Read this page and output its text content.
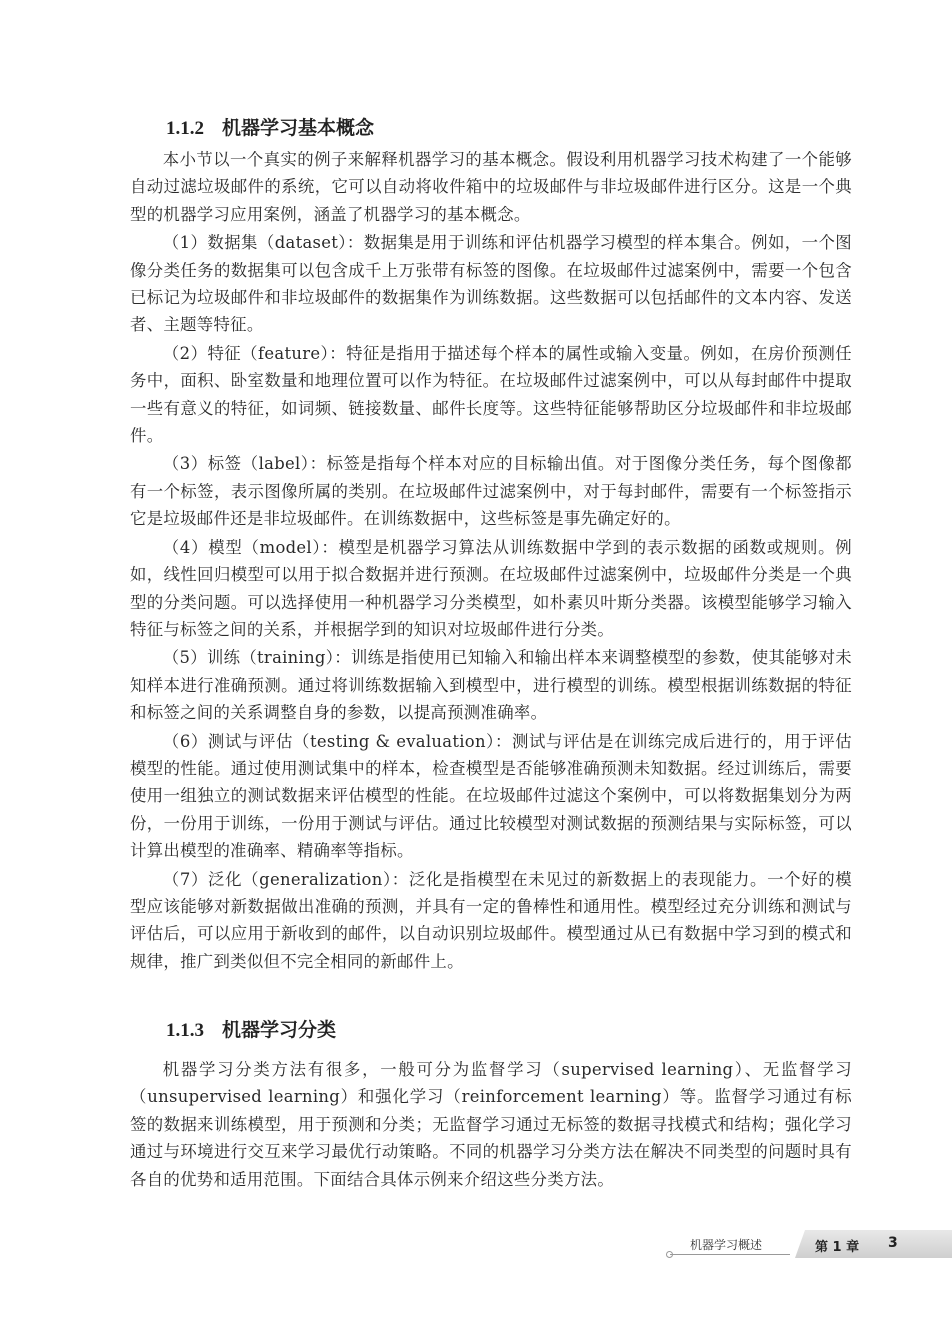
1.1.2 机器学习基本概念

本小节以一个真实的例子来解释机器学习的基本概念。假设利用机器学习技术构建了一个能够自动过滤垃圾邮件的系统，它可以自动将收件箱中的垃圾邮件与非垃圾邮件进行区分。这是一个典型的机器学习应用案例，涵盖了机器学习的基本概念。

（1）数据集（dataset）：数据集是用于训练和评估机器学习模型的样本集合。例如，一个图像分类任务的数据集可以包含成千上万张带有标签的图像。在垃圾邮件过滤案例中，需要一个包含已标记为垃圾邮件和非垃圾邮件的数据集作为训练数据。这些数据可以包括邮件的文本内容、发送者、主题等特征。

（2）特征（feature）：特征是指用于描述每个样本的属性或输入变量。例如，在房价预测任务中，面积、卧室数量和地理位置可以作为特征。在垃圾邮件过滤案例中，可以从每封邮件中提取一些有意义的特征，如词频、链接数量、邮件长度等。这些特征能够帮助区分垃圾邮件和非垃圾邮件。

（3）标签（label）：标签是指每个样本对应的目标输出值。对于图像分类任务，每个图像都有一个标签，表示图像所属的类别。在垃圾邮件过滤案例中，对于每封邮件，需要有一个标签指示它是垃圾邮件还是非垃圾邮件。在训练数据中，这些标签是事先确定好的。

（4）模型（model）：模型是机器学习算法从训练数据中学到的表示数据的函数或规则。例如，线性回归模型可以用于拟合数据并进行预测。在垃圾邮件过滤案例中，垃圾邮件分类是一个典型的分类问题。可以选择使用一种机器学习分类模型，如朴素贝叶斯分类器。该模型能够学习输入特征与标签之间的关系，并根据学到的知识对垃圾邮件进行分类。

（5）训练（training）：训练是指使用已知输入和输出样本来调整模型的参数，使其能够对未知样本进行准确预测。通过将训练数据输入到模型中，进行模型的训练。模型根据训练数据的特征和标签之间的关系调整自身的参数，以提高预测准确率。

（6）测试与评估（testing & evaluation）：测试与评估是在训练完成后进行的，用于评估模型的性能。通过使用测试集中的样本，检查模型是否能够准确预测未知数据。经过训练后，需要使用一组独立的测试数据来评估模型的性能。在垃圾邮件过滤这个案例中，可以将数据集划分为两份，一份用于训练，一份用于测试与评估。通过比较模型对测试数据的预测结果与实际标签，可以计算出模型的准确率、精确率等指标。

（7）泛化（generalization）：泛化是指模型在未见过的新数据上的表现能力。一个好的模型应该能够对新数据做出准确的预测，并具有一定的鲁棒性和通用性。模型经过充分训练和测试与评估后，可以应用于新收到的邮件，以自动识别垃圾邮件。模型通过从已有数据中学习到的模式和规律，推广到类似但不完全相同的新邮件上。

1.1.3 机器学习分类

机器学习分类方法有很多，一般可分为监督学习（supervised learning）、无监督学习（unsupervised learning）和强化学习（reinforcement learning）等。监督学习通过有标签的数据来训练模型，用于预测和分类；无监督学习通过无标签的数据寻找模式和结构；强化学习通过与环境进行交互来学习最优行动策略。不同的机器学习分类方法在解决不同类型的问题时具有各自的优势和适用范围。下面结合具体示例来介绍这些分类方法。

机器学习概述	第 1 章 3
